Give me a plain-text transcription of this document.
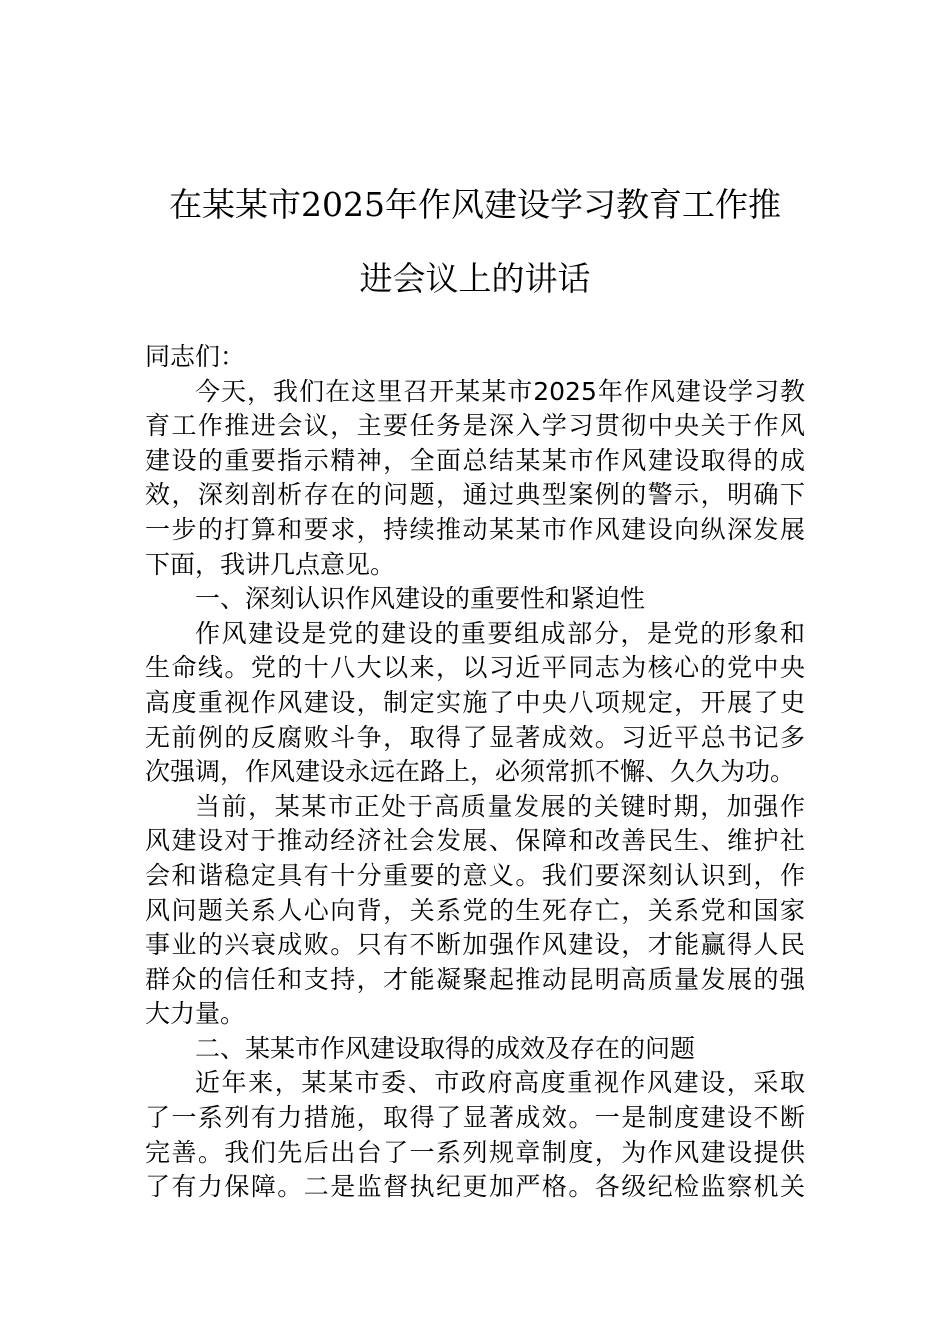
在某某市2025年作风建设学习教育工作推
进会议上的讲话
同志们：
今天，我们在这里召开某某市2025年作风建设学习教
育工作推进会议，主要任务是深入学习贯彻中央关于作风
建设的重要指示精神，全面总结某某市作风建设取得的成
效，深刻剖析存在的问题，通过典型案例的警示，明确下
一步的打算和要求，持续推动某某市作风建设向纵深发展
下面，我讲几点意见。
一、深刻认识作风建设的重要性和紧迫性
作风建设是党的建设的重要组成部分，是党的形象和
生命线。党的十八大以来，以习近平同志为核心的党中央
高度重视作风建设，制定实施了中央八项规定，开展了史
无前例的反腐败斗争，取得了显著成效。习近平总书记多
次强调，作风建设永远在路上，必须常抓不懈、久久为功。
当前，某某市正处于高质量发展的关键时期，加强作
风建设对于推动经济社会发展、保障和改善民生、维护社
会和谐稳定具有十分重要的意义。我们要深刻认识到，作
风问题关系人心向背，关系党的生死存亡，关系党和国家
事业的兴衰成败。只有不断加强作风建设，才能赢得人民
群众的信任和支持，才能凝聚起推动昆明高质量发展的强
大力量。
二、某某市作风建设取得的成效及存在的问题
近年来，某某市委、市政府高度重视作风建设，采取
了一系列有力措施，取得了显著成效。一是制度建设不断
完善。我们先后出台了一系列规章制度，为作风建设提供
了有力保障。二是监督执纪更加严格。各级纪检监察机关
